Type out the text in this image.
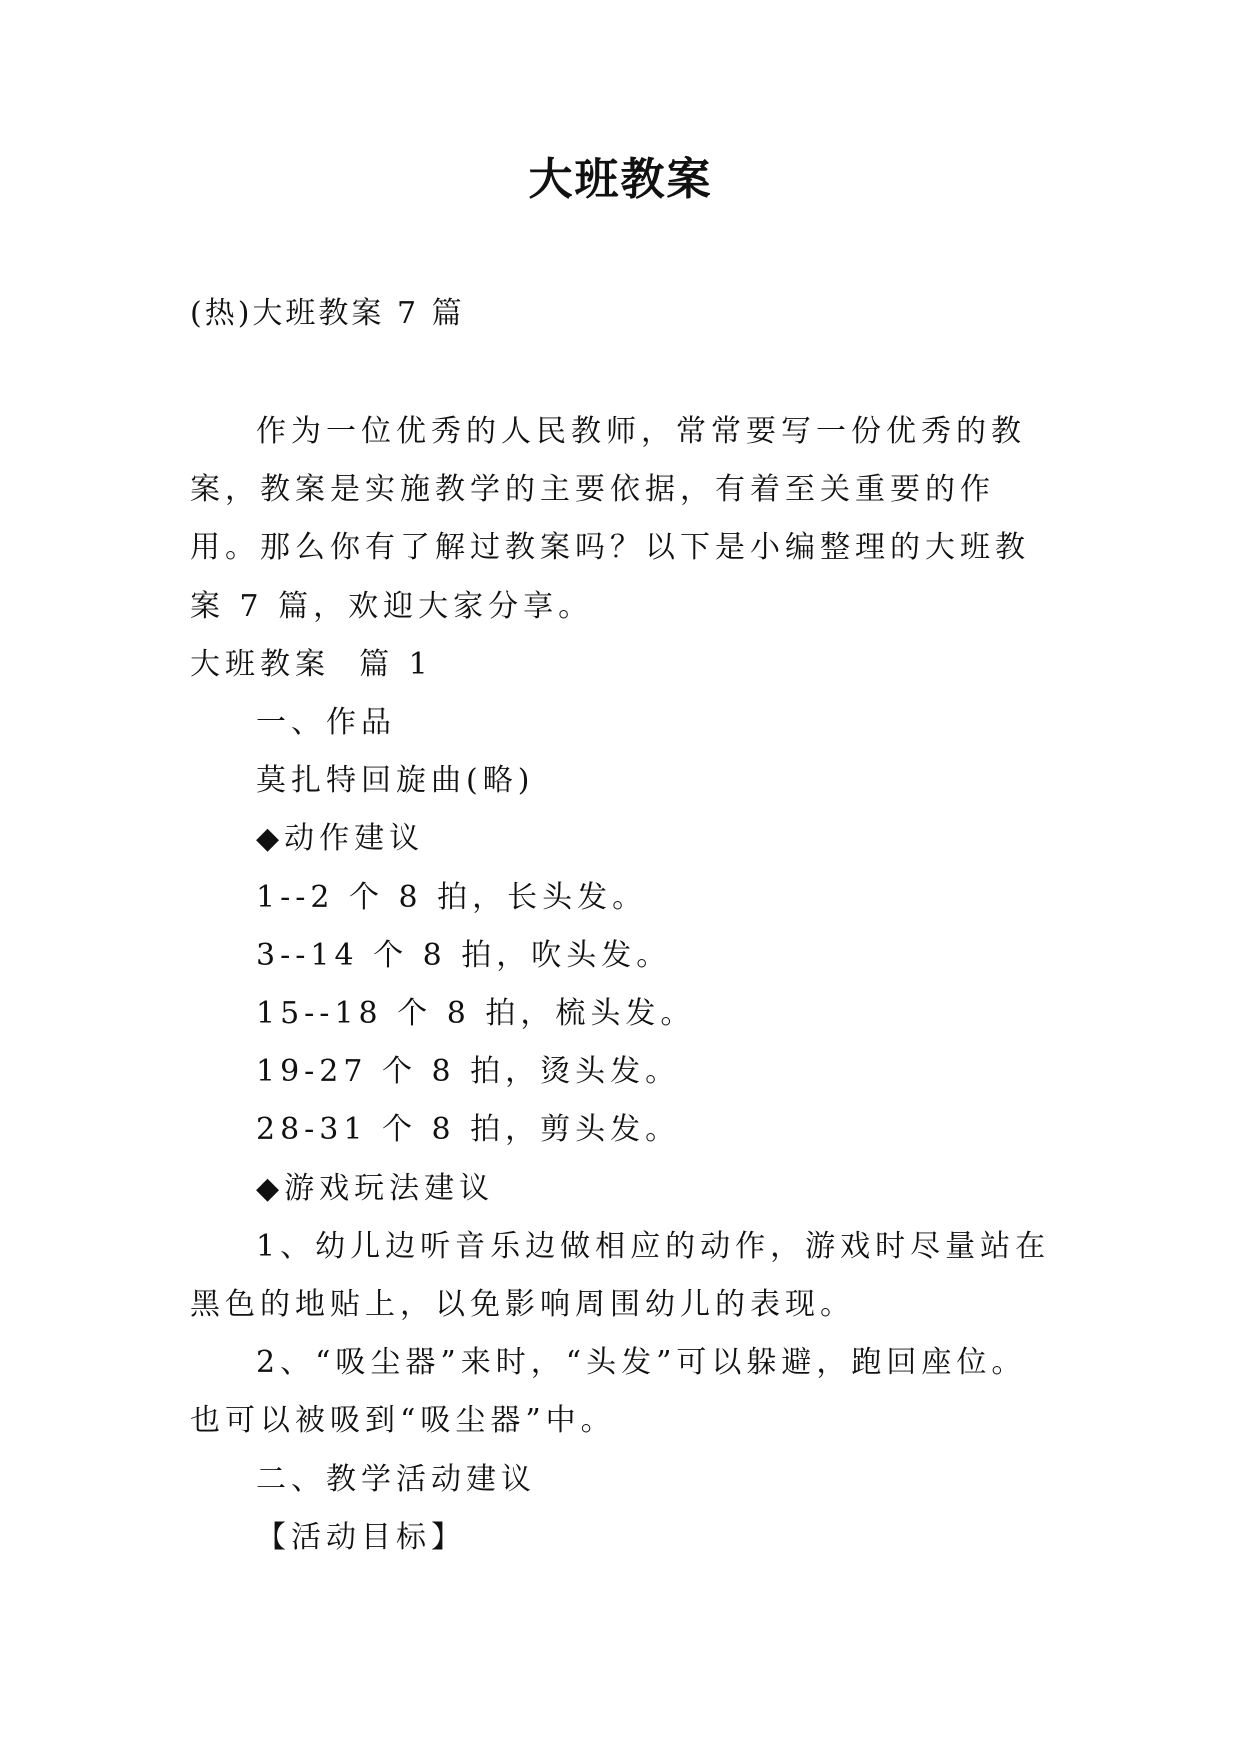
大班教案
(热)大班教案 7 篇

作为一位优秀的人民教师，常常要写一份优秀的教案，教案是实施教学的主要依据，有着至关重要的作用。那么你有了解过教案吗？以下是小编整理的大班教案 7 篇，欢迎大家分享。

大班教案  篇 1

一、作品

莫扎特回旋曲(略)

◆动作建议

1--2 个 8 拍，长头发。

3--14 个 8 拍，吹头发。

15--18 个 8 拍，梳头发。

19-27 个 8 拍，烫头发。

28-31 个 8 拍，剪头发。

◆游戏玩法建议

1、幼儿边听音乐边做相应的动作，游戏时尽量站在黑色的地贴上，以免影响周围幼儿的表现。

2、“吸尘器”来时，“头发”可以躲避，跑回座位。也可以被吸到“吸尘器”中。

二、教学活动建议

【活动目标】
